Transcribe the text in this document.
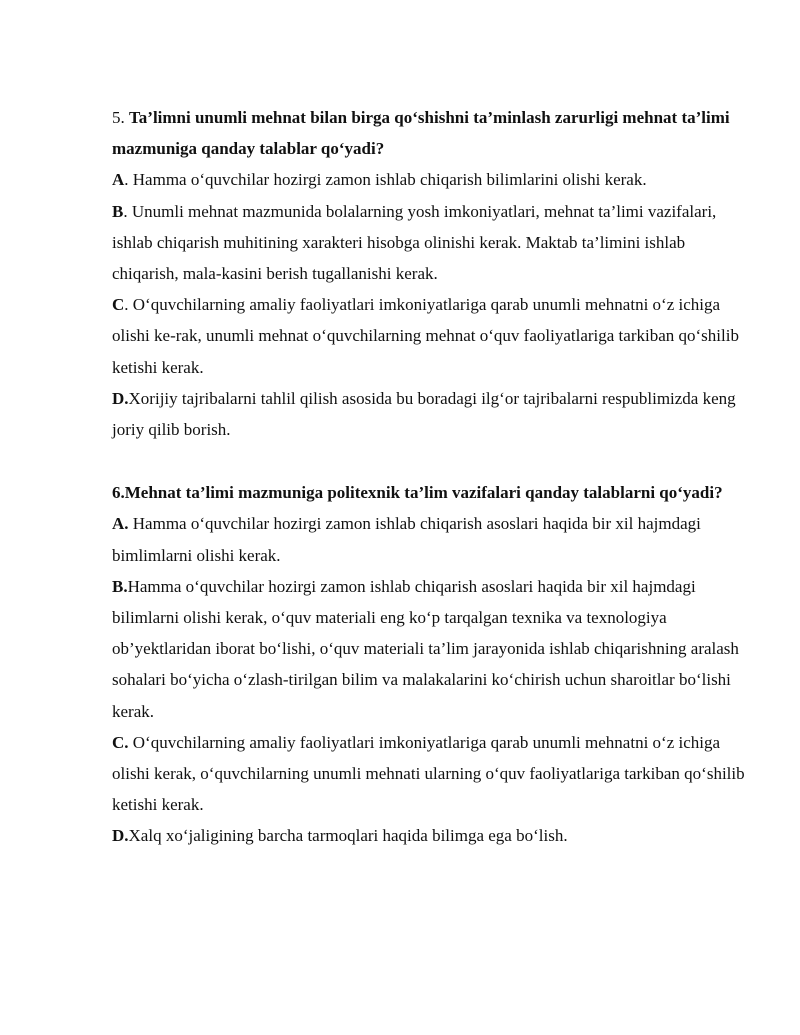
5. Ta’limni unumli mehnat bilan birga qo‘shishni ta’minlash zarurligi mehnat ta’limi mazmuniga qanday talablar qo‘yadi?

A. Hamma o‘quvchilar hozirgi zamon ishlab chiqarish bilimlarini olishi kerak.

B. Unumli mehnat mazmunida bolalarning yosh imkoniyatlari, mehnat ta’limi vazifalari, ishlab chiqarish muhitining xarakteri hisobga olinishi kerak. Maktab ta’limini ishlab chiqarish, mala-kasini berish tugallanishi kerak.

C. O‘quvchilarning amaliy faoliyatlari imkoniyatlariga qarab unumli mehnatni o‘z ichiga olishi ke-rak, unumli mehnat o‘quvchilarning mehnat o‘quv faoliyatlariga tarkiban qo‘shilib ketishi kerak.

D.Xorijiy tajribalarni tahlil qilish asosida bu boradagi ilg‘or tajribalarni respublimizda keng joriy qilib borish.

6.Mehnat ta’limi mazmuniga politexnik ta’lim vazifalari qanday talablarni qo‘yadi?

A. Hamma o‘quvchilar hozirgi zamon ishlab chiqarish asoslari haqida bir xil hajmdagi bimlimlarni olishi kerak.

B.Hamma o‘quvchilar hozirgi zamon ishlab chiqarish asoslari haqida bir xil hajmdagi bilimlarni olishi kerak, o‘quv materiali eng ko‘p tarqalgan texnika va texnologiya ob’yektlaridan iborat bo‘lishi, o‘quv materiali ta’lim jarayonida ishlab chiqarishning aralash sohalari bo‘yicha o‘zlash-tirilgan bilim va malakalarini ko‘chirish uchun sharoitlar bo‘lishi kerak.

C. O‘quvchilarning amaliy faoliyatlari imkoniyatlariga qarab unumli mehnatni o‘z ichiga olishi kerak, o‘quvchilarning unumli mehnati ularning o‘quv faoliyatlariga tarkiban qo‘shilib ketishi kerak.

D.Xalq xo‘jaligining barcha tarmoqlari haqida bilimga ega bo‘lish.
